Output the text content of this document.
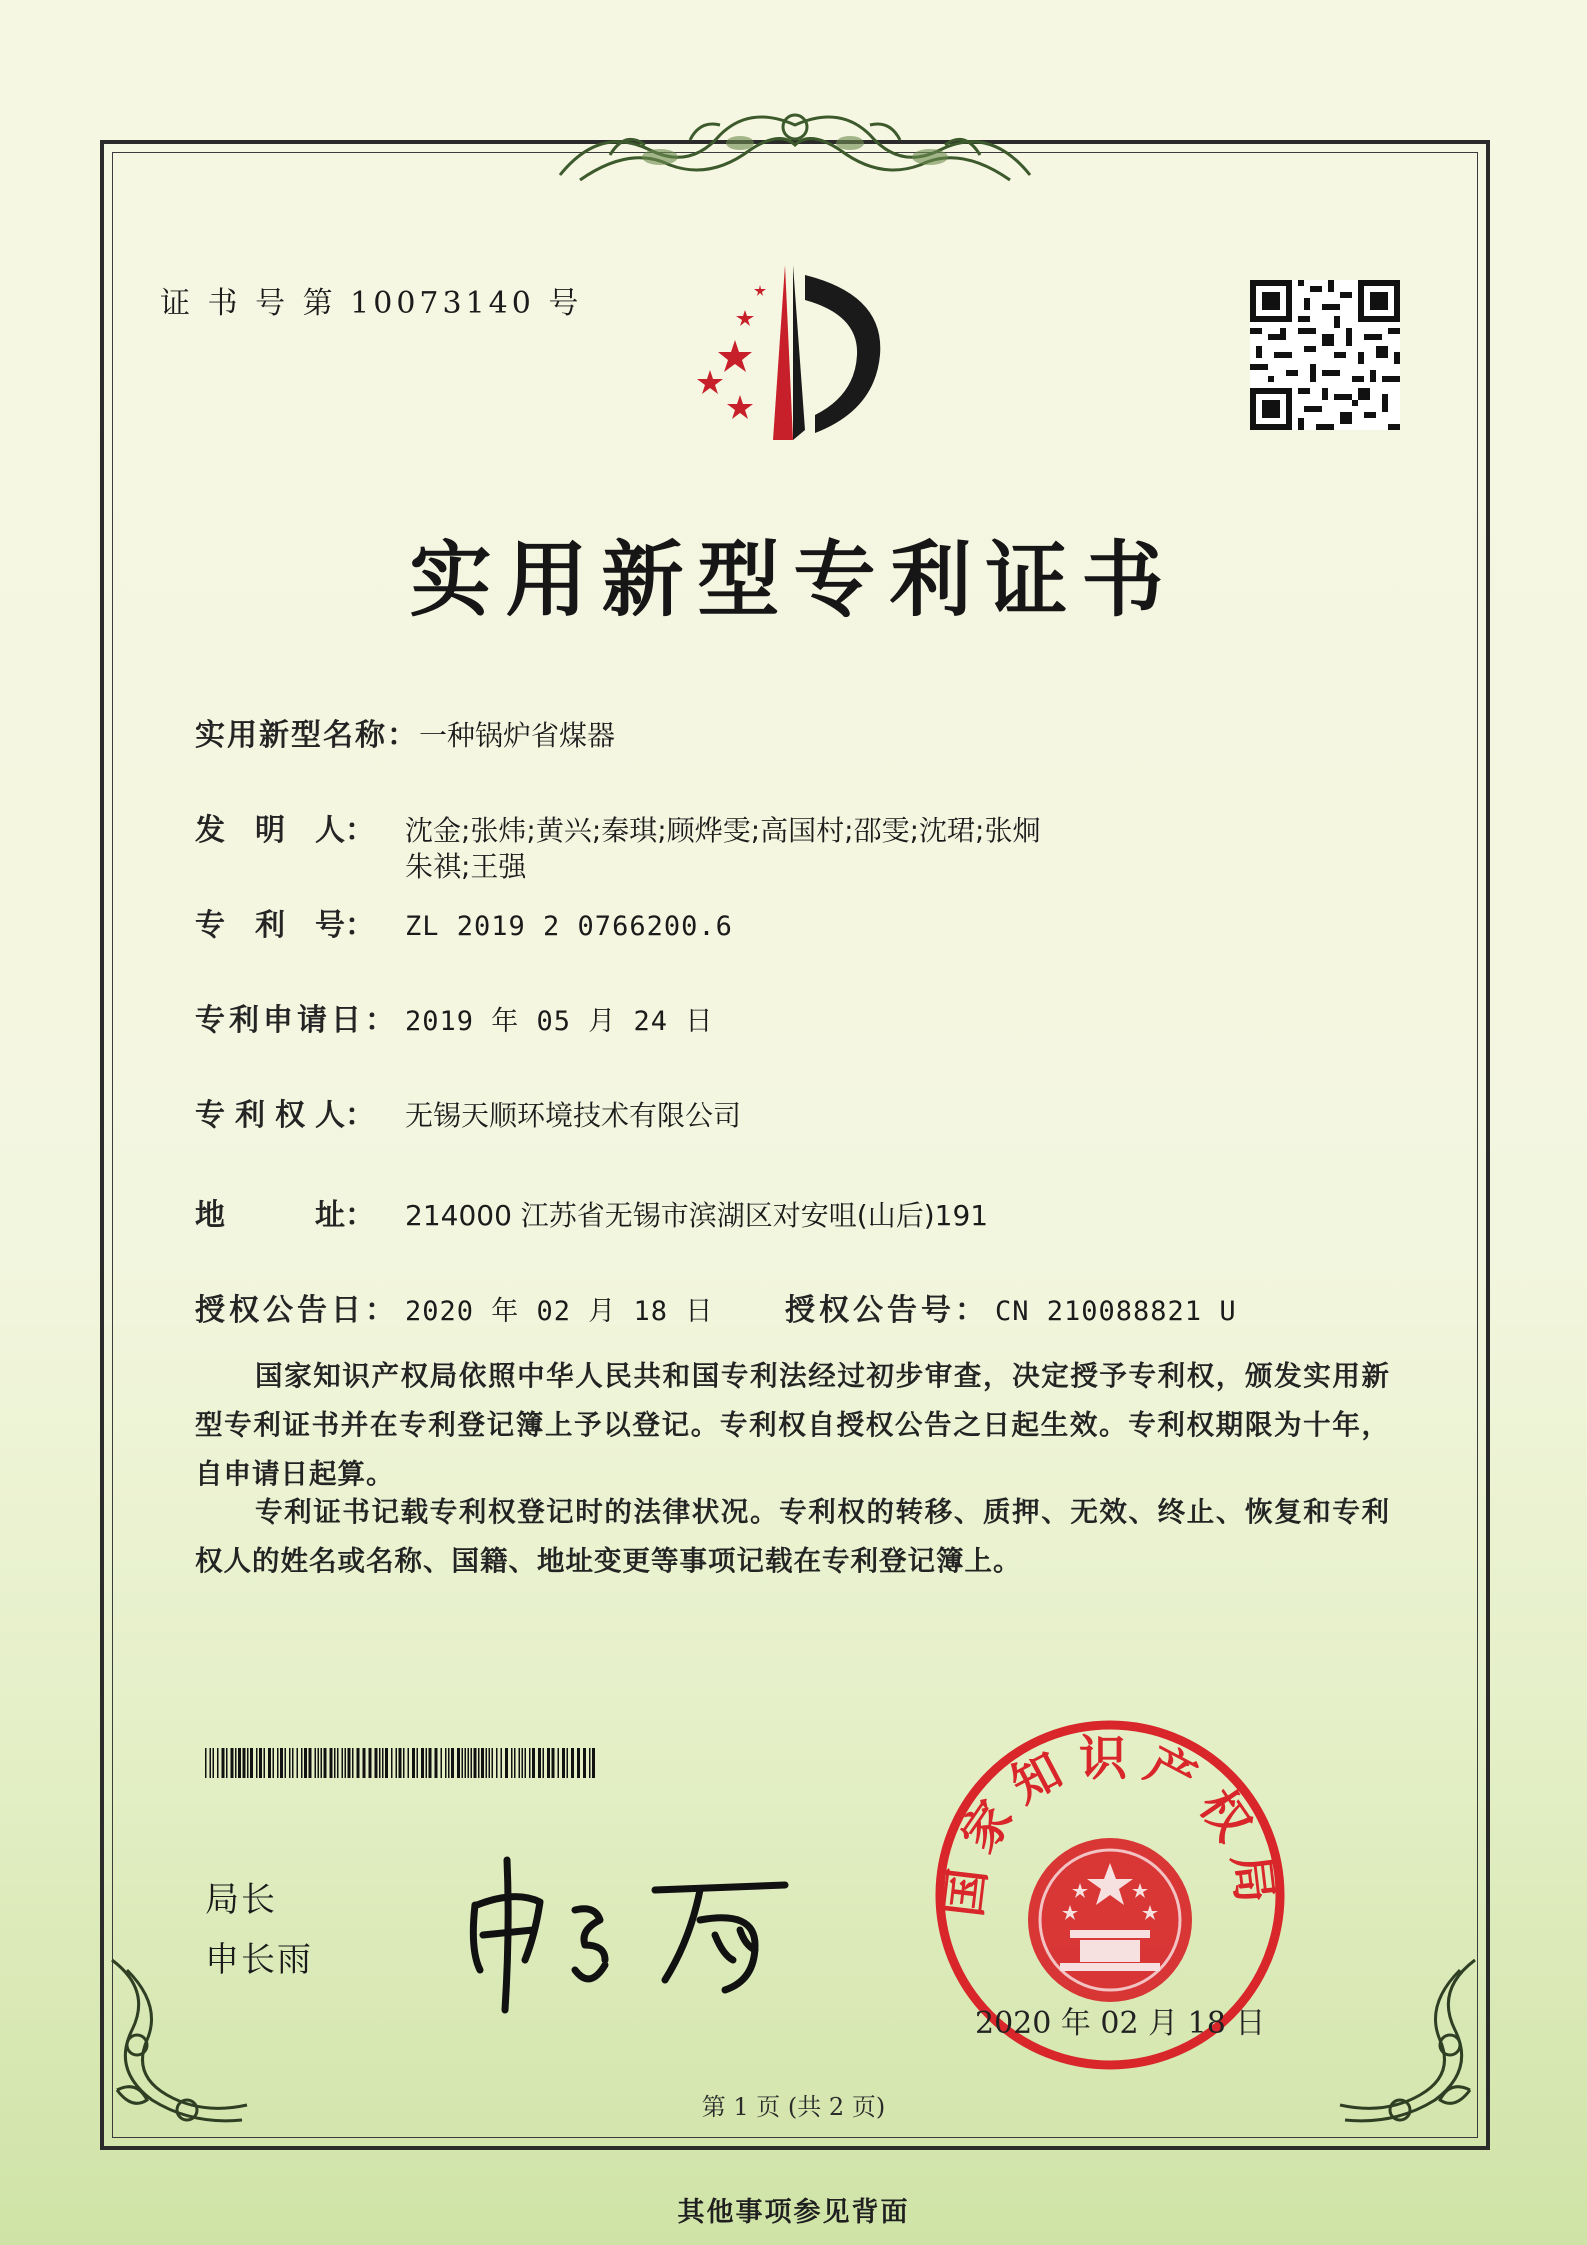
证 书 号 第 10073140 号
实用新型专利证书
实用新型名称：一种锅炉省煤器
发 明 人： 沈金;张炜;黄兴;秦琪;顾烨雯;高国村;邵雯;沈珺;张炯
朱祺;王强
专 利 号： ZL 2019 2 0766200.6
专利申请日： 2019 年 05 月 24 日
专 利 权 人： 无锡天顺环境技术有限公司
地	址： 214000 江苏省无锡市滨湖区对安咀(山后)191
授权公告日： 2020 年 02 月 18 日 授权公告号： CN 210088821 U
国家知识产权局依照中华人民共和国专利法经过初步审查，决定授予专利权，颁发实用新型专利证书并在专利登记簿上予以登记。专利权自授权公告之日起生效。专利权期限为十年，自申请日起算。
专利证书记载专利权登记时的法律状况。专利权的转移、质押、无效、终止、恢复和专利权人的姓名或名称、国籍、地址变更等事项记载在专利登记簿上。
局长
申长雨
国家知识产权局
2020 年 02 月 18 日
第 1 页 (共 2 页)
其他事项参见背面
